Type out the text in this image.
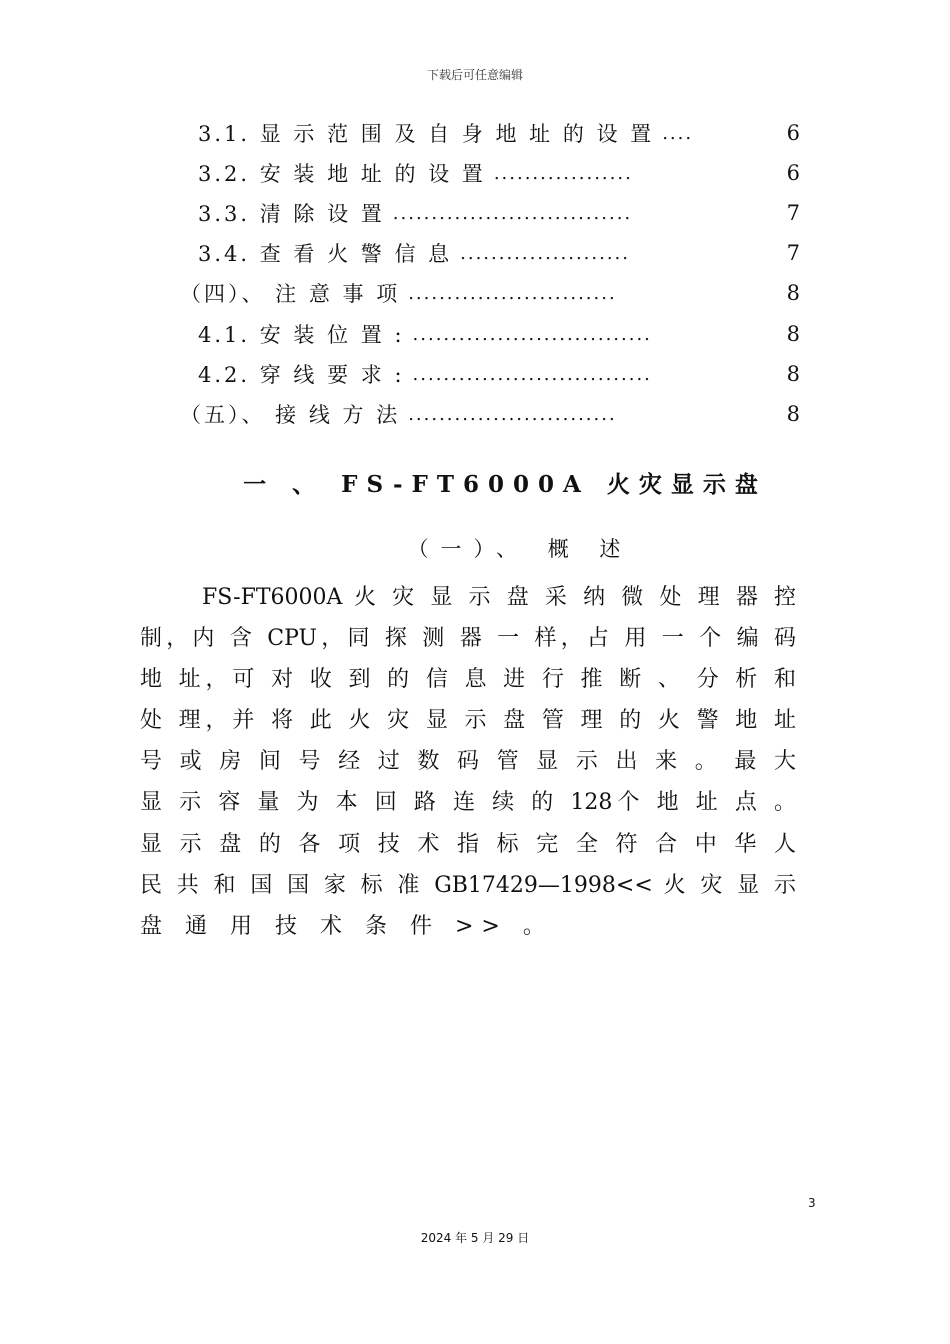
下载后可任意编辑
3.1. 显 示 范 围 及 自 身 地 址 的 设 置 ....	6
3.2. 安 装 地 址 的 设 置 ..................	6
3.3. 清 除 设 置 ...............................	7
3.4. 查 看 火 警 信 息 ......................	7
（四）、 注 意 事 项 ...........................	8
4.1. 安 装 位 置 : ...............................	8
4.2. 穿 线 要 求 : ...............................	8
（五）、 接 线 方 法 ...........................	8
一 、 FS-FT6000A 火灾显示盘
（一）、 概 述
FS-FT6000A 火 灾 显 示 盘 采 纳 微 处 理 器 控
制，内 含 CPU，同 探 测 器 一 样，占 用 一 个 编 码
地 址，可 对 收 到 的 信 息 进 行 推 断 、 分 析 和
处 理，并 将 此 火 灾 显 示 盘 管 理 的 火 警 地 址
号 或 房 间 号 经 过 数 码 管 显 示 出 来 。 最 大
显 示 容 量 为 本 回 路 连 续 的 128个 地 址 点 。
显 示 盘 的 各 项 技 术 指 标 完 全 符 合 中 华 人
民 共 和 国 国 家 标 准 GB17429—1998<< 火 灾 显 示
盘 通 用 技 术 条 件 >> 。
3
2024 年 5 月 29 日
